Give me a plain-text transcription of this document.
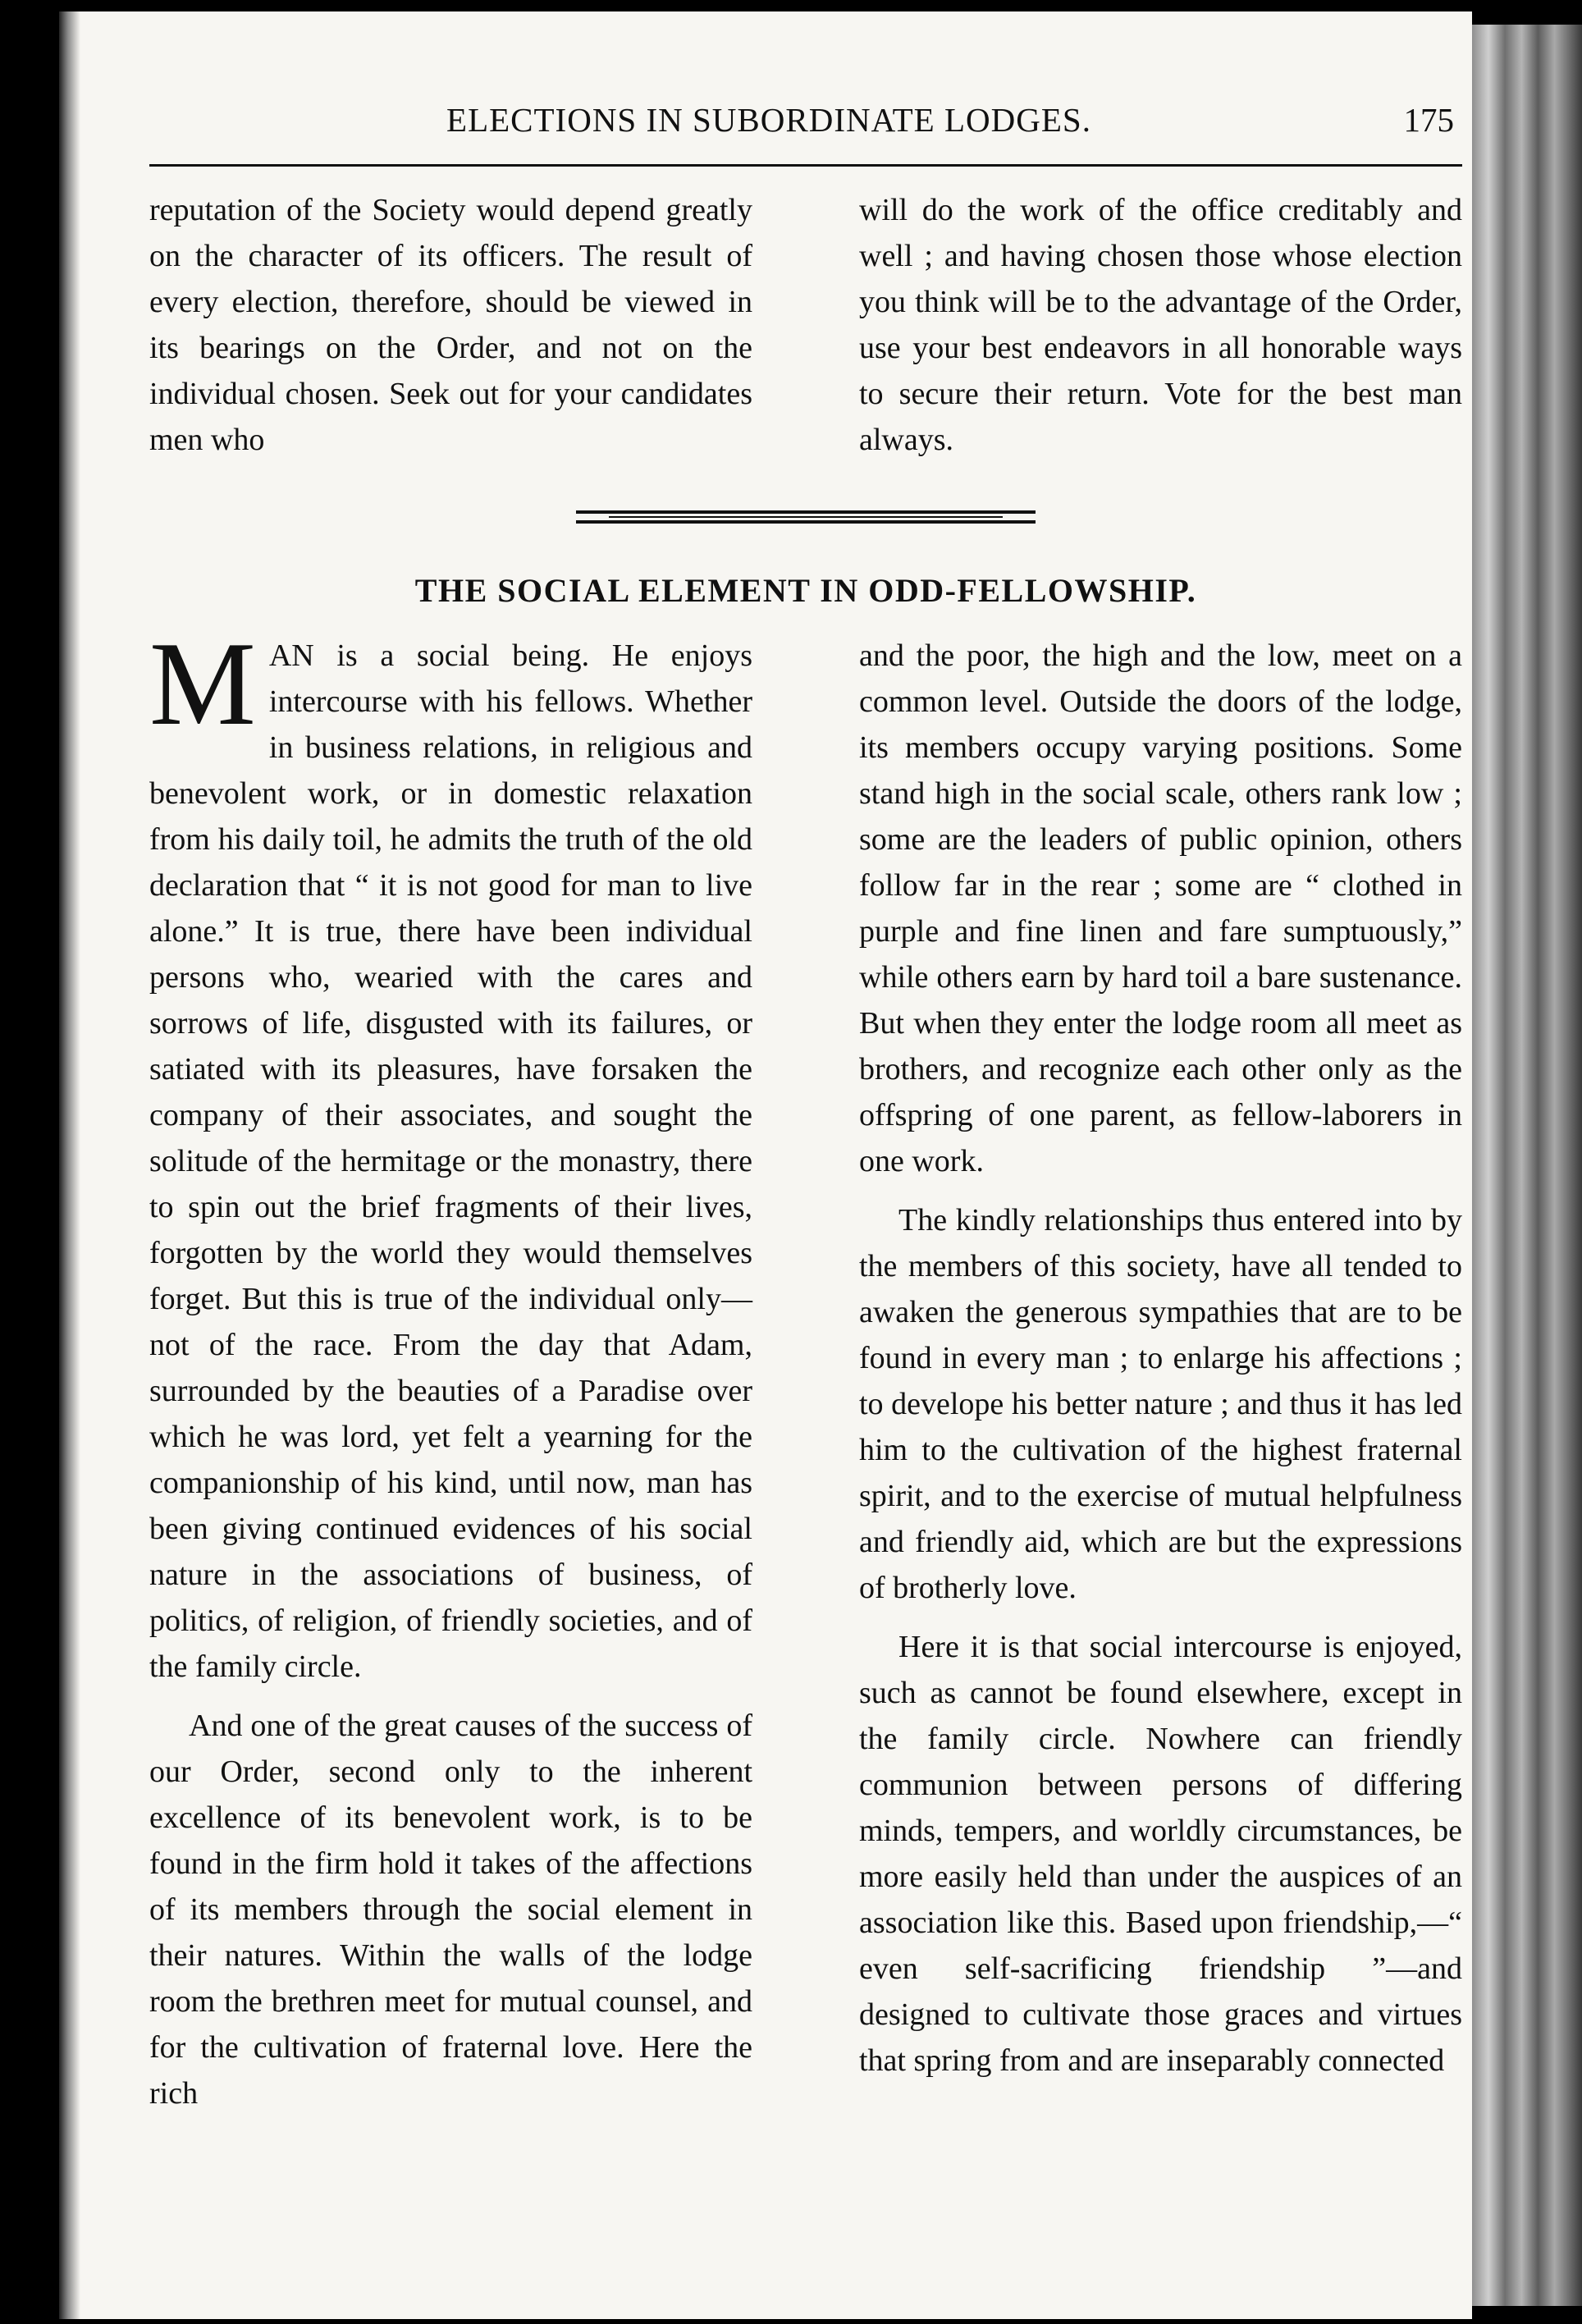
ELECTIONS IN SUBORDINATE LODGES.	175

reputation of the Society would depend greatly on the character of its officers. The result of every election, therefore, should be viewed in its bearings on the Order, and not on the individual chosen. Seek out for your candidates men who

will do the work of the office creditably and well ; and having chosen those whose election you think will be to the advantage of the Order, use your best endeavors in all honorable ways to secure their return. Vote for the best man always.

THE SOCIAL ELEMENT IN ODD-FELLOWSHIP.

MAN is a social being. He enjoys intercourse with his fellows. Whether in business relations, in religious and benevolent work, or in domestic relaxation from his daily toil, he admits the truth of the old declaration that “ it is not good for man to live alone.” It is true, there have been individual persons who, wearied with the cares and sorrows of life, disgusted with its failures, or satiated with its pleasures, have forsaken the company of their associates, and sought the solitude of the hermitage or the monastry, there to spin out the brief fragments of their lives, forgotten by the world they would themselves forget. But this is true of the individual only—not of the race. From the day that Adam, surrounded by the beauties of a Paradise over which he was lord, yet felt a yearning for the companionship of his kind, until now, man has been giving continued evidences of his social nature in the associations of business, of politics, of religion, of friendly societies, and of the family circle.

And one of the great causes of the success of our Order, second only to the inherent excellence of its benevolent work, is to be found in the firm hold it takes of the affections of its members through the social element in their natures. Within the walls of the lodge room the brethren meet for mutual counsel, and for the cultivation of fraternal love. Here the rich

and the poor, the high and the low, meet on a common level. Outside the doors of the lodge, its members occupy varying positions. Some stand high in the social scale, others rank low ; some are the leaders of public opinion, others follow far in the rear ; some are “ clothed in purple and fine linen and fare sumptuously,” while others earn by hard toil a bare sustenance. But when they enter the lodge room all meet as brothers, and recognize each other only as the offspring of one parent, as fellow-laborers in one work.

The kindly relationships thus entered into by the members of this society, have all tended to awaken the generous sympathies that are to be found in every man ; to enlarge his affections ; to develope his better nature ; and thus it has led him to the cultivation of the highest fraternal spirit, and to the exercise of mutual helpfulness and friendly aid, which are but the expressions of brotherly love.

Here it is that social intercourse is enjoyed, such as cannot be found elsewhere, except in the family circle. Nowhere can friendly communion between persons of differing minds, tempers, and worldly circumstances, be more easily held than under the auspices of an association like this. Based upon friendship,—“ even self-sacrificing friendship ”—and designed to cultivate those graces and virtues that spring from and are inseparably connected
